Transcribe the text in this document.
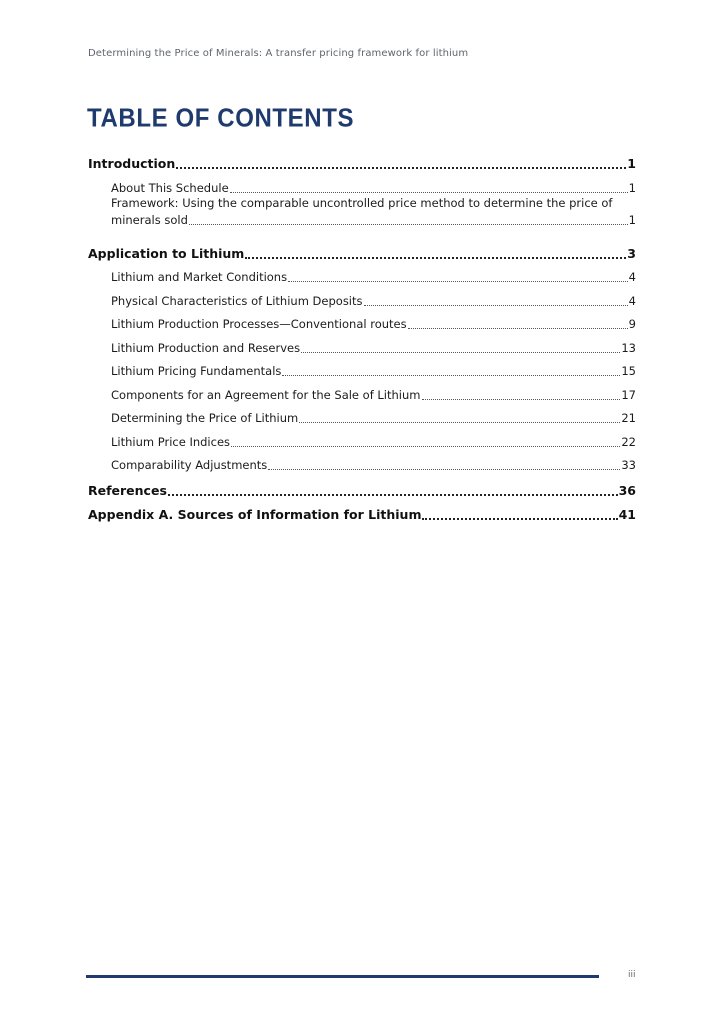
Determining the Price of Minerals: A transfer pricing framework for lithium
TABLE OF CONTENTS
Introduction	1
About This Schedule	1
Framework: Using the comparable uncontrolled price method to determine the price of
minerals sold	1
Application to Lithium	3
Lithium and Market Conditions	4
Physical Characteristics of Lithium Deposits	4
Lithium Production Processes—Conventional routes	9
Lithium Production and Reserves	13
Lithium Pricing Fundamentals	15
Components for an Agreement for the Sale of Lithium	17
Determining the Price of Lithium	21
Lithium Price Indices	22
Comparability Adjustments	33
References	36
Appendix A. Sources of Information for Lithium	41
iii
